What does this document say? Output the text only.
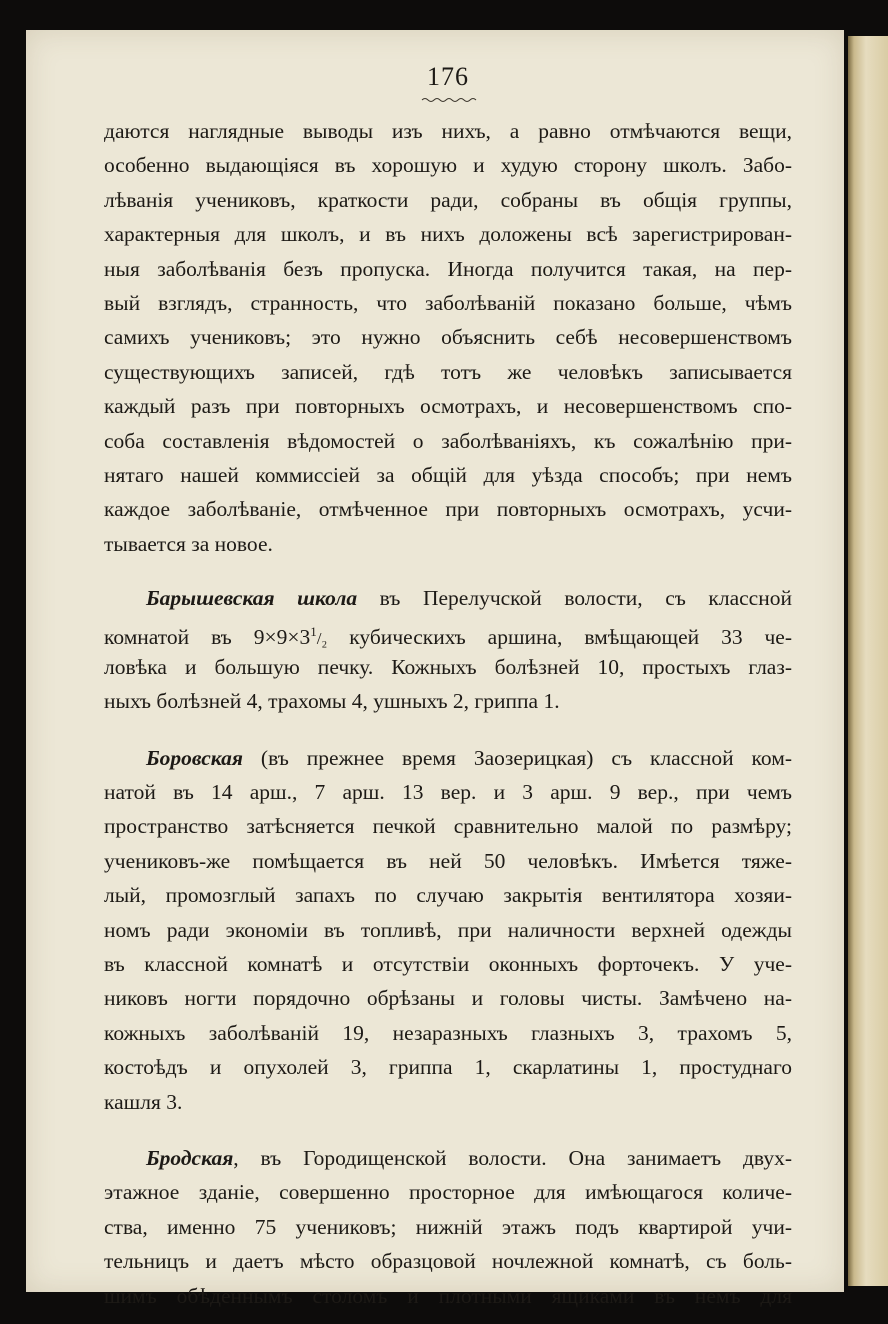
176
даются наглядные выводы изъ нихъ, а равно отмѣчаются вещи,
особенно выдающіяся въ хорошую и худую сторону школъ. Забо-
лѣванія учениковъ, краткости ради, собраны въ общія группы,
характерныя для школъ, и въ нихъ доложены всѣ зарегистрирован-
ныя заболѣванія безъ пропуска. Иногда получится такая, на пер-
вый взглядъ, странность, что заболѣваній показано больше, чѣмъ
самихъ учениковъ; это нужно объяснить себѣ несовершенствомъ
существующихъ записей, гдѣ тотъ же человѣкъ записывается
каждый разъ при повторныхъ осмотрахъ, и несовершенствомъ спо-
соба составленія вѣдомостей о заболѣваніяхъ, къ сожалѣнію при-
нятаго нашей коммиссіей за общій для уѣзда способъ; при немъ
каждое заболѣваніе, отмѣченное при повторныхъ осмотрахъ, усчи-
тывается за новое.
Барышевская школа въ Перелучской волости, съ классной
комнатой въ $9\times 9\times 3^1/_2$ кубическихъ аршина, вмѣщающей 33 че-
ловѣка и большую печку. Кожныхъ болѣзней 10, простыхъ глаз-
ныхъ болѣзней 4, трахомы 4, ушныхъ 2, гриппа 1.
Боровская (въ прежнее время Заозерицкая) съ классной ком-
натой въ 14 арш., 7 арш. 13 вер. и 3 арш. 9 вер., при чемъ
пространство затѣсняется печкой сравнительно малой по размѣру;
учениковъ-же помѣщается въ ней 50 человѣкъ. Имѣется тяже-
лый, промозглый запахъ по случаю закрытія вентилятора хозяи-
номъ ради экономіи въ топливѣ, при наличности верхней одежды
въ классной комнатѣ и отсутствіи оконныхъ форточекъ. У уче-
никовъ ногти порядочно обрѣзаны и головы чисты. Замѣчено на-
кожныхъ заболѣваній 19, незаразныхъ глазныхъ 3, трахомъ 5,
костоѣдъ и опухолей 3, гриппа 1, скарлатины 1, простуднаго
кашля 3.
Бродская, въ Городищенской волости. Она занимаетъ двух-
этажное зданіе, совершенно просторное для имѣющагося количе-
ства, именно 75 учениковъ; нижній этажъ подъ квартирой учи-
тельницъ и даетъ мѣсто образцовой ночлежной комнатѣ, съ боль-
шимъ обѣденнымъ столомъ и плотными ящиками въ немъ для
